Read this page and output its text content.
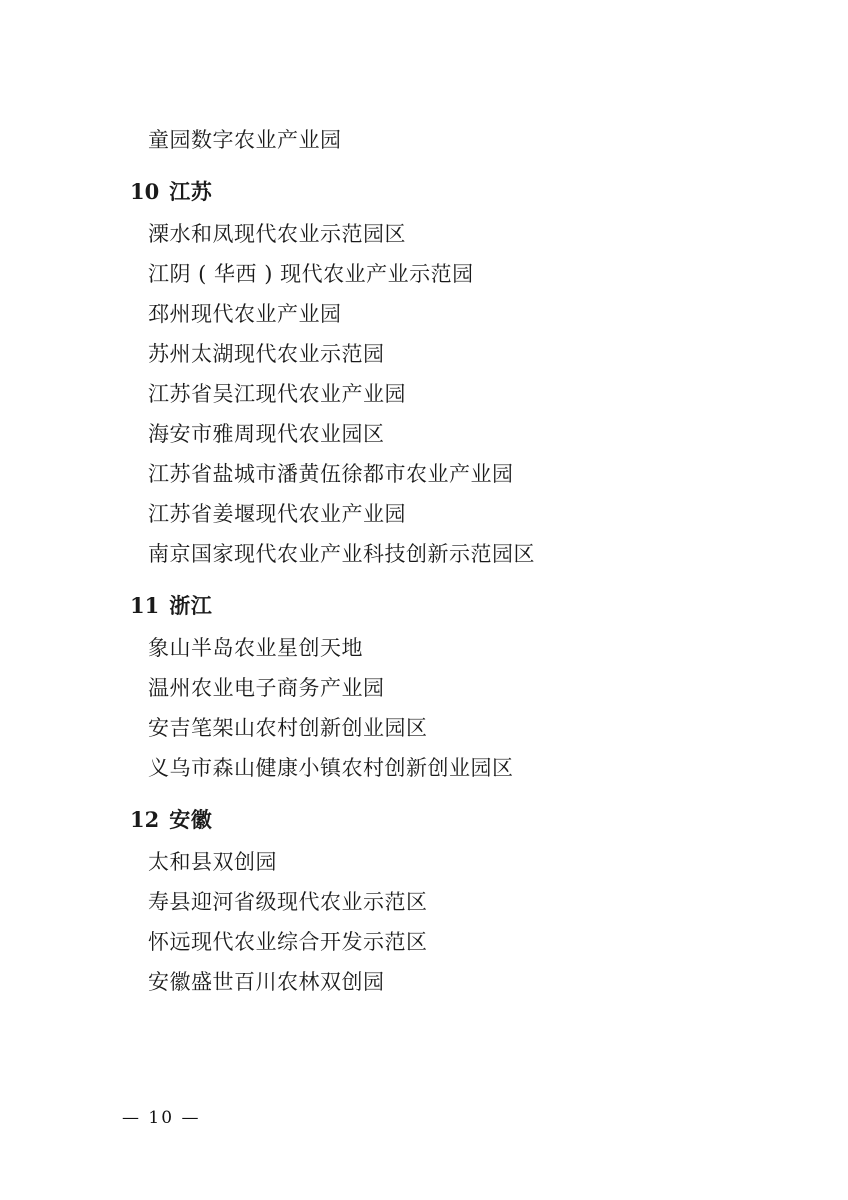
童园数字农业产业园
10 江苏
溧水和凤现代农业示范园区
江阴 ( 华西 ) 现代农业产业示范园
邳州现代农业产业园
苏州太湖现代农业示范园
江苏省吴江现代农业产业园
海安市雅周现代农业园区
江苏省盐城市潘黄伍徐都市农业产业园
江苏省姜堰现代农业产业园
南京国家现代农业产业科技创新示范园区
11 浙江
象山半岛农业星创天地
温州农业电子商务产业园
安吉笔架山农村创新创业园区
义乌市森山健康小镇农村创新创业园区
12 安徽
太和县双创园
寿县迎河省级现代农业示范区
怀远现代农业综合开发示范区
安徽盛世百川农林双创园
— 10 —
